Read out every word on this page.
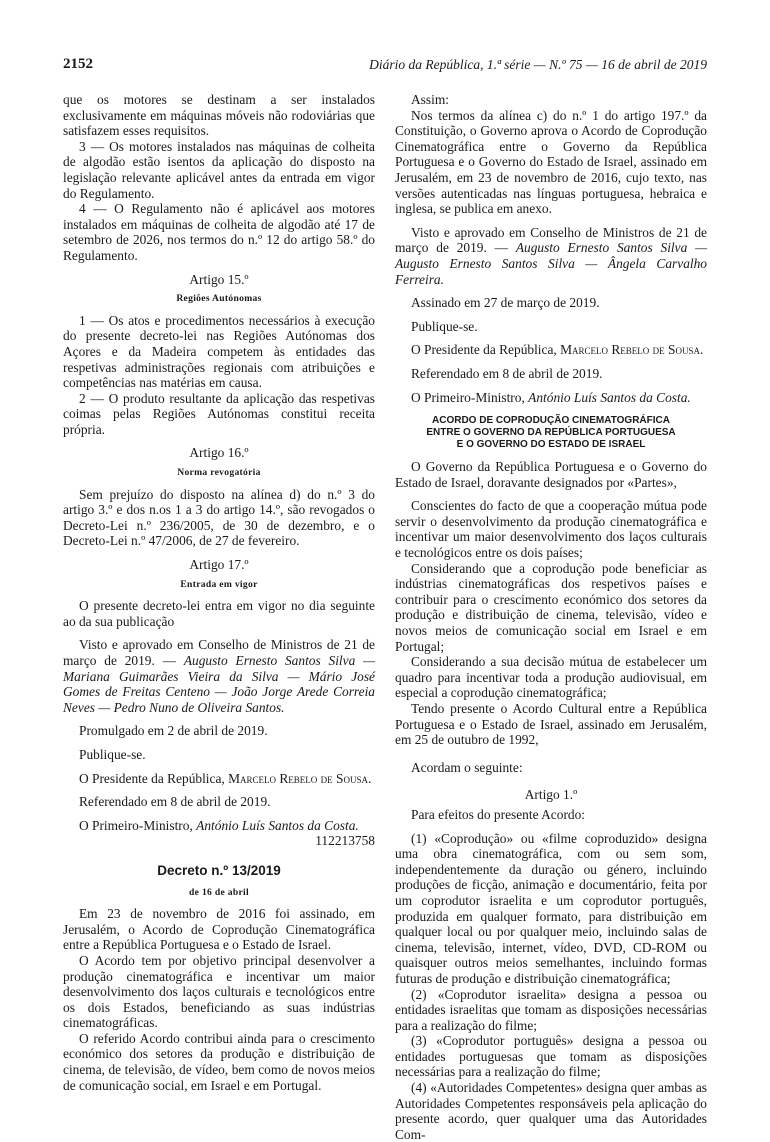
2152	Diário da República, 1.ª série — N.º 75 — 16 de abril de 2019

que os motores se destinam a ser instalados exclusivamente em máquinas móveis não rodoviárias que satisfazem esses requisitos.

3 — Os motores instalados nas máquinas de colheita de algodão estão isentos da aplicação do disposto na legislação relevante aplicável antes da entrada em vigor do Regulamento.

4 — O Regulamento não é aplicável aos motores instalados em máquinas de colheita de algodão até 17 de setembro de 2026, nos termos do n.º 12 do artigo 58.º do Regulamento.

Artigo 15.º

Regiões Autónomas

1 — Os atos e procedimentos necessários à execução do presente decreto-lei nas Regiões Autónomas dos Açores e da Madeira competem às entidades das respetivas administrações regionais com atribuições e competências nas matérias em causa.

2 — O produto resultante da aplicação das respetivas coimas pelas Regiões Autónomas constitui receita própria.

Artigo 16.º

Norma revogatória

Sem prejuízo do disposto na alínea d) do n.º 3 do artigo 3.º e dos n.os 1 a 3 do artigo 14.º, são revogados o Decreto-Lei n.º 236/2005, de 30 de dezembro, e o Decreto-Lei n.º 47/2006, de 27 de fevereiro.

Artigo 17.º

Entrada em vigor

O presente decreto-lei entra em vigor no dia seguinte ao da sua publicação

Visto e aprovado em Conselho de Ministros de 21 de março de 2019. — Augusto Ernesto Santos Silva — Mariana Guimarães Vieira da Silva — Mário José Gomes de Freitas Centeno — João Jorge Arede Correia Neves — Pedro Nuno de Oliveira Santos.

Promulgado em 2 de abril de 2019.

Publique-se.

O Presidente da República, Marcelo Rebelo de Sousa.

Referendado em 8 de abril de 2019.

O Primeiro-Ministro, António Luís Santos da Costa.

112213758

Decreto n.º 13/2019

de 16 de abril

Em 23 de novembro de 2016 foi assinado, em Jerusalém, o Acordo de Coprodução Cinematográfica entre a República Portuguesa e o Estado de Israel.

O Acordo tem por objetivo principal desenvolver a produção cinematográfica e incentivar um maior desenvolvimento dos laços culturais e tecnológicos entre os dois Estados, beneficiando as suas indústrias cinematográficas.

O referido Acordo contribui ainda para o crescimento económico dos setores da produção e distribuição de cinema, de televisão, de vídeo, bem como de novos meios de comunicação social, em Israel e em Portugal.

Assim:

Nos termos da alínea c) do n.º 1 do artigo 197.º da Constituição, o Governo aprova o Acordo de Coprodução Cinematográfica entre o Governo da República Portuguesa e o Governo do Estado de Israel, assinado em Jerusalém, em 23 de novembro de 2016, cujo texto, nas versões autenticadas nas línguas portuguesa, hebraica e inglesa, se publica em anexo.

Visto e aprovado em Conselho de Ministros de 21 de março de 2019. — Augusto Ernesto Santos Silva — Augusto Ernesto Santos Silva — Ângela Carvalho Ferreira.

Assinado em 27 de março de 2019.

Publique-se.

O Presidente da República, Marcelo Rebelo de Sousa.

Referendado em 8 de abril de 2019.

O Primeiro-Ministro, António Luís Santos da Costa.

ACORDO DE COPRODUÇÃO CINEMATOGRÁFICA
ENTRE O GOVERNO DA REPÚBLICA PORTUGUESA
E O GOVERNO DO ESTADO DE ISRAEL

O Governo da República Portuguesa e o Governo do Estado de Israel, doravante designados por «Partes»,

Conscientes do facto de que a cooperação mútua pode servir o desenvolvimento da produção cinematográfica e incentivar um maior desenvolvimento dos laços culturais e tecnológicos entre os dois países;

Considerando que a coprodução pode beneficiar as indústrias cinematográficas dos respetivos países e contribuir para o crescimento económico dos setores da produção e distribuição de cinema, televisão, vídeo e novos meios de comunicação social em Israel e em Portugal;

Considerando a sua decisão mútua de estabelecer um quadro para incentivar toda a produção audiovisual, em especial a coprodução cinematográfica;

Tendo presente o Acordo Cultural entre a República Portuguesa e o Estado de Israel, assinado em Jerusalém, em 25 de outubro de 1992,

Acordam o seguinte:

Artigo 1.º

Para efeitos do presente Acordo:

(1) «Coprodução» ou «filme coproduzido» designa uma obra cinematográfica, com ou sem som, independentemente da duração ou género, incluindo produções de ficção, animação e documentário, feita por um coprodutor israelita e um coprodutor português, produzida em qualquer formato, para distribuição em qualquer local ou por qualquer meio, incluindo salas de cinema, televisão, internet, vídeo, DVD, CD-ROM ou quaisquer outros meios semelhantes, incluindo formas futuras de produção e distribuição cinematográfica;

(2) «Coprodutor israelita» designa a pessoa ou entidades israelitas que tomam as disposições necessárias para a realização do filme;

(3) «Coprodutor português» designa a pessoa ou entidades portuguesas que tomam as disposições necessárias para a realização do filme;

(4) «Autoridades Competentes» designa quer ambas as Autoridades Competentes responsáveis pela aplicação do presente acordo, quer qualquer uma das Autoridades Com-
